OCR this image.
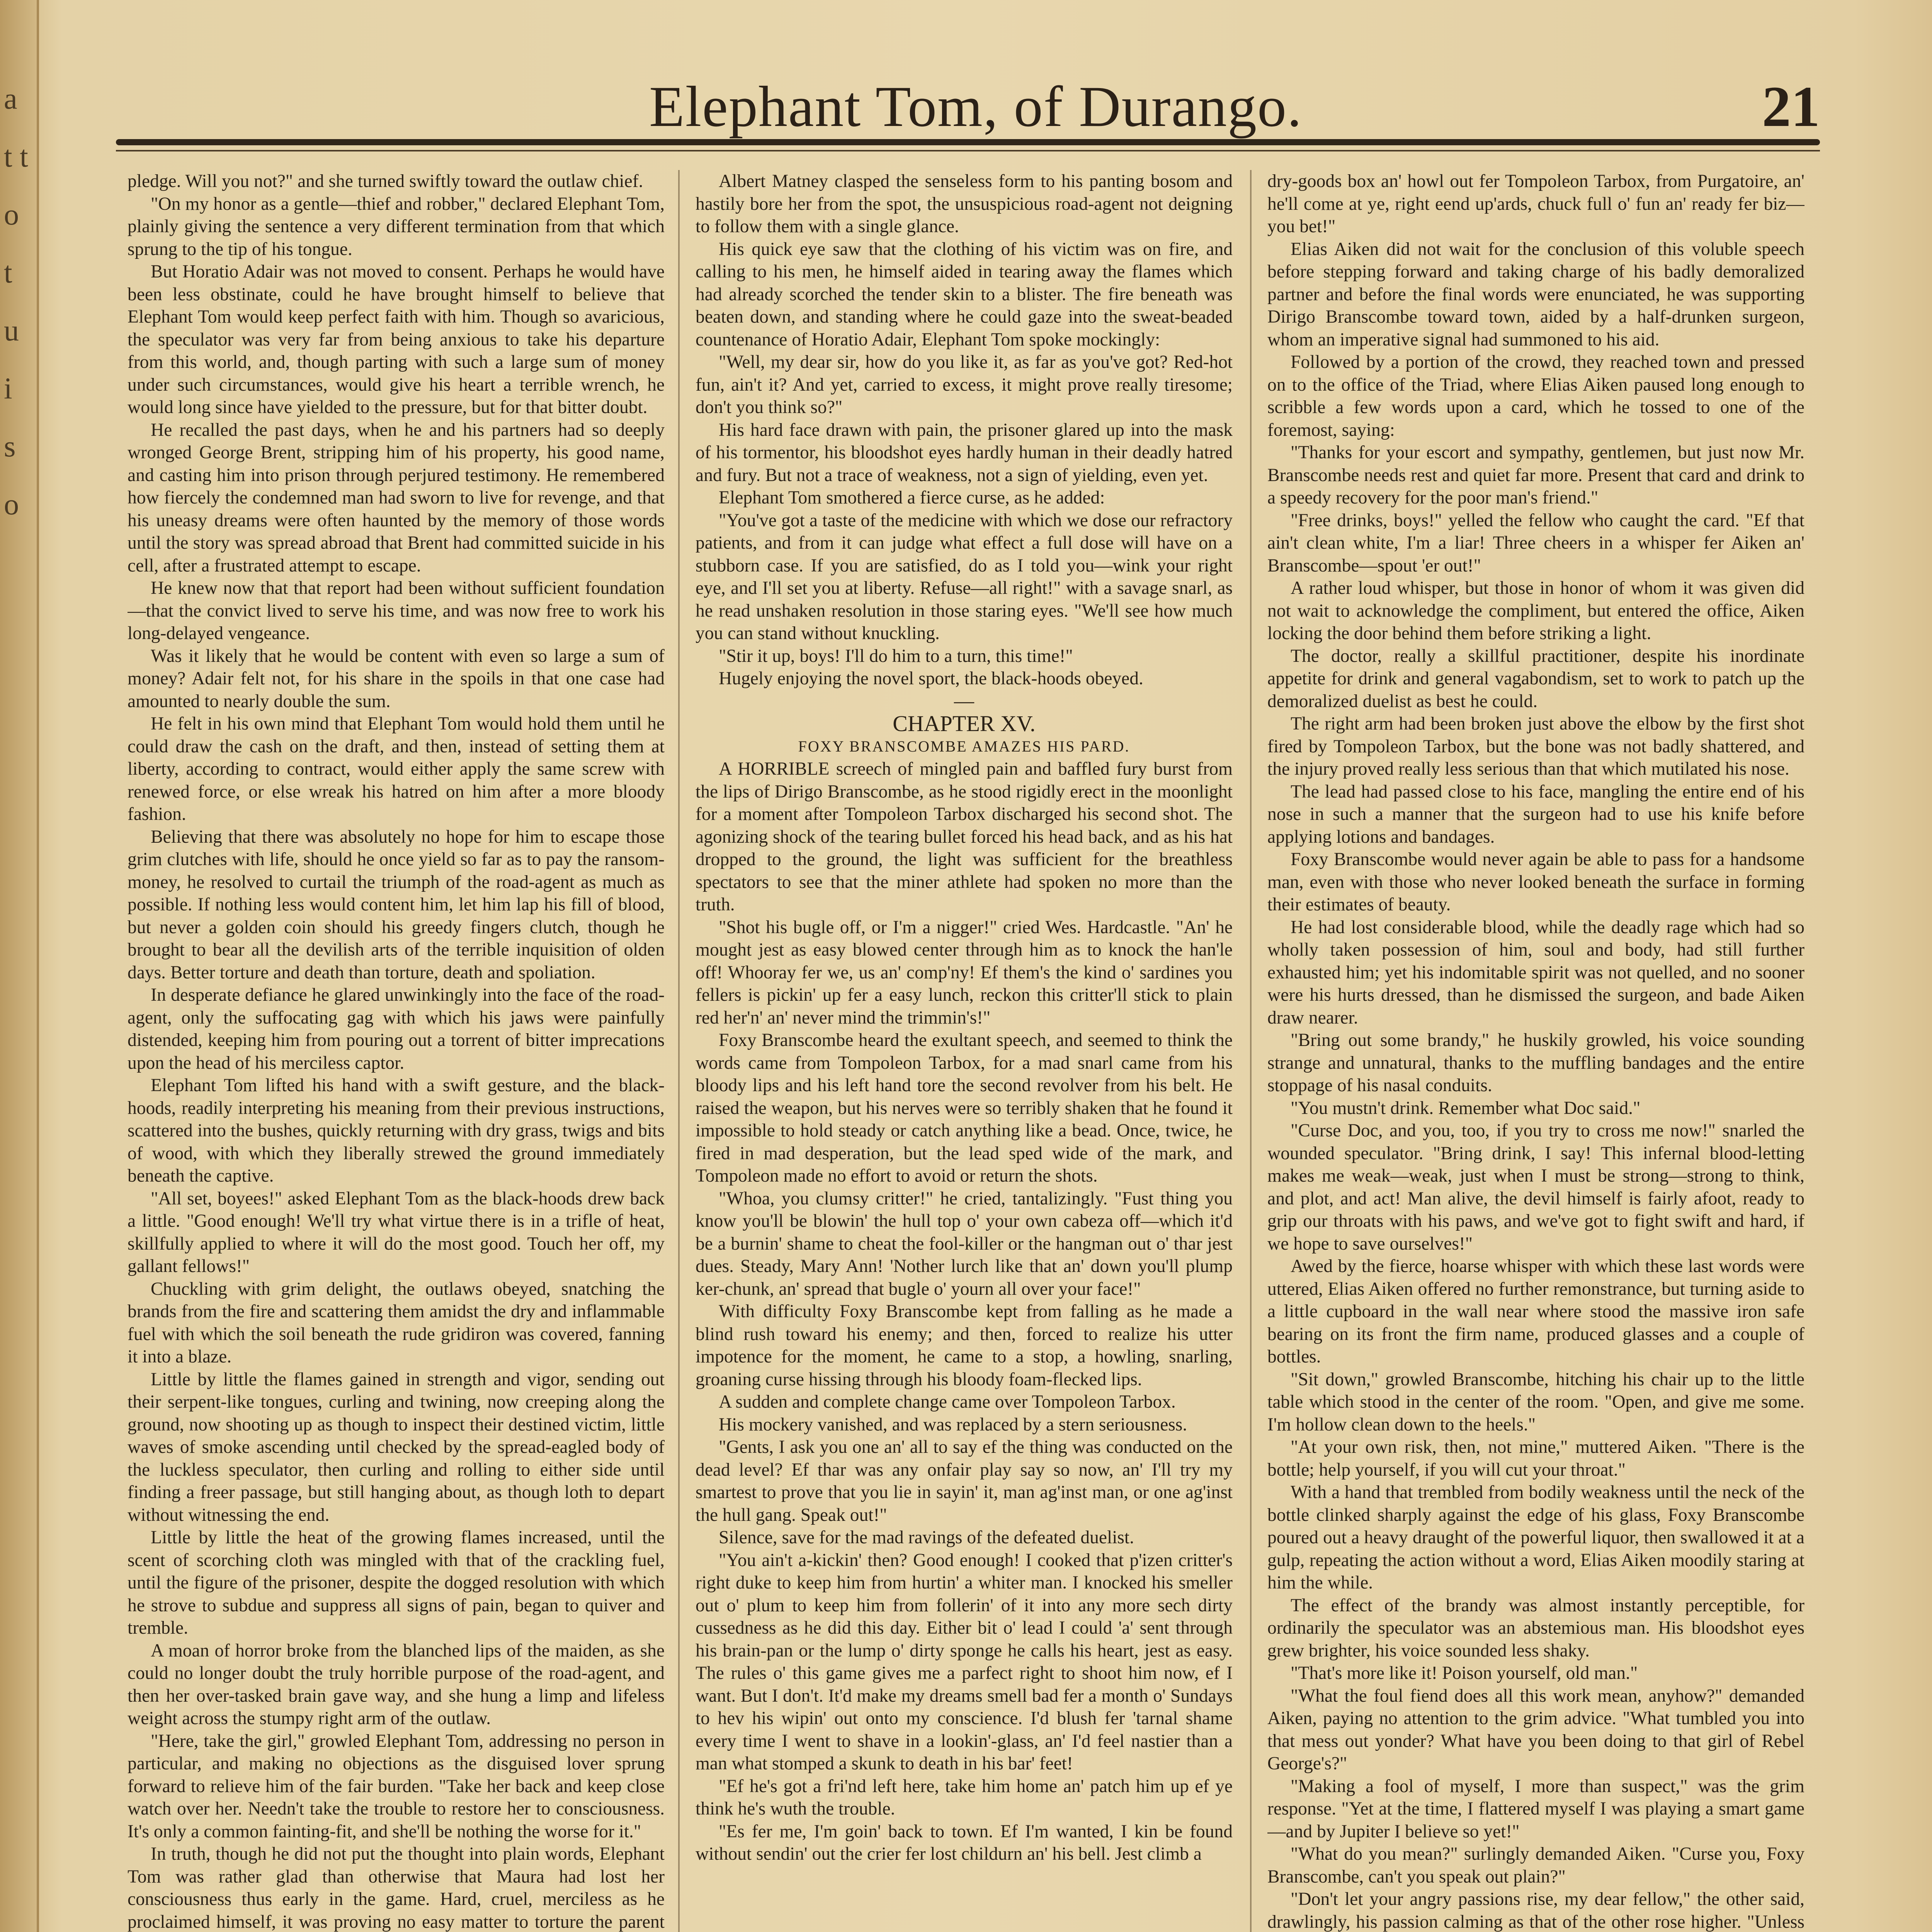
a t t o t u i s o
Elephant Tom, of Durango.	21

pledge. Will you not?" and she turned swiftly toward the outlaw chief.

"On my honor as a gentle—thief and robber," declared Elephant Tom, plainly giving the sentence a very different termination from that which sprung to the tip of his tongue.

But Horatio Adair was not moved to consent. Perhaps he would have been less obstinate, could he have brought himself to believe that Elephant Tom would keep perfect faith with him. Though so avaricious, the speculator was very far from being anxious to take his departure from this world, and, though parting with such a large sum of money under such circumstances, would give his heart a terrible wrench, he would long since have yielded to the pressure, but for that bitter doubt.

He recalled the past days, when he and his partners had so deeply wronged George Brent, stripping him of his property, his good name, and casting him into prison through perjured testimony. He remembered how fiercely the condemned man had sworn to live for revenge, and that his uneasy dreams were often haunted by the memory of those words until the story was spread abroad that Brent had committed suicide in his cell, after a frustrated attempt to escape.

He knew now that that report had been without sufficient foundation—that the convict lived to serve his time, and was now free to work his long-delayed vengeance.

Was it likely that he would be content with even so large a sum of money? Adair felt not, for his share in the spoils in that one case had amounted to nearly double the sum.

He felt in his own mind that Elephant Tom would hold them until he could draw the cash on the draft, and then, instead of setting them at liberty, according to contract, would either apply the same screw with renewed force, or else wreak his hatred on him after a more bloody fashion.

Believing that there was absolutely no hope for him to escape those grim clutches with life, should he once yield so far as to pay the ransom-money, he resolved to curtail the triumph of the road-agent as much as possible. If nothing less would content him, let him lap his fill of blood, but never a golden coin should his greedy fingers clutch, though he brought to bear all the devilish arts of the terrible inquisition of olden days. Better torture and death than torture, death and spoliation.

In desperate defiance he glared unwinkingly into the face of the road-agent, only the suffocating gag with which his jaws were painfully distended, keeping him from pouring out a torrent of bitter imprecations upon the head of his merciless captor.

Elephant Tom lifted his hand with a swift gesture, and the black-hoods, readily interpreting his meaning from their previous instructions, scattered into the bushes, quickly returning with dry grass, twigs and bits of wood, with which they liberally strewed the ground immediately beneath the captive.

"All set, boyees!" asked Elephant Tom as the black-hoods drew back a little. "Good enough! We'll try what virtue there is in a trifle of heat, skillfully applied to where it will do the most good. Touch her off, my gallant fellows!"

Chuckling with grim delight, the outlaws obeyed, snatching the brands from the fire and scattering them amidst the dry and inflammable fuel with which the soil beneath the rude gridiron was covered, fanning it into a blaze.

Little by little the flames gained in strength and vigor, sending out their serpent-like tongues, curling and twining, now creeping along the ground, now shooting up as though to inspect their destined victim, little waves of smoke ascending until checked by the spread-eagled body of the luckless speculator, then curling and rolling to either side until finding a freer passage, but still hanging about, as though loth to depart without witnessing the end.

Little by little the heat of the growing flames increased, until the scent of scorching cloth was mingled with that of the crackling fuel, until the figure of the prisoner, despite the dogged resolution with which he strove to subdue and suppress all signs of pain, began to quiver and tremble.

A moan of horror broke from the blanched lips of the maiden, as she could no longer doubt the truly horrible purpose of the road-agent, and then her over-tasked brain gave way, and she hung a limp and lifeless weight across the stumpy right arm of the outlaw.

"Here, take the girl," growled Elephant Tom, addressing no person in particular, and making no objections as the disguised lover sprung forward to relieve him of the fair burden. "Take her back and keep close watch over her. Needn't take the trouble to restore her to consciousness. It's only a common fainting-fit, and she'll be nothing the worse for it."

In truth, though he did not put the thought into plain words, Elephant Tom was rather glad than otherwise that Maura had lost her consciousness thus early in the game. Hard, cruel, merciless as he proclaimed himself, it was proving no easy matter to torture the parent

Albert Matney clasped the senseless form to his panting bosom and hastily bore her from the spot, the unsuspicious road-agent not deigning to follow them with a single glance.

His quick eye saw that the clothing of his victim was on fire, and calling to his men, he himself aided in tearing away the flames which had already scorched the tender skin to a blister. The fire beneath was beaten down, and standing where he could gaze into the sweat-beaded countenance of Horatio Adair, Elephant Tom spoke mockingly:

"Well, my dear sir, how do you like it, as far as you've got? Red-hot fun, ain't it? And yet, carried to excess, it might prove really tiresome; don't you think so?"

His hard face drawn with pain, the prisoner glared up into the mask of his tormentor, his bloodshot eyes hardly human in their deadly hatred and fury. But not a trace of weakness, not a sign of yielding, even yet.

Elephant Tom smothered a fierce curse, as he added:

"You've got a taste of the medicine with which we dose our refractory patients, and from it can judge what effect a full dose will have on a stubborn case. If you are satisfied, do as I told you—wink your right eye, and I'll set you at liberty. Refuse—all right!" with a savage snarl, as he read unshaken resolution in those staring eyes. "We'll see how much you can stand without knuckling.

"Stir it up, boys! I'll do him to a turn, this time!"

Hugely enjoying the novel sport, the black-hoods obeyed.

—

CHAPTER XV.

FOXY BRANSCOMBE AMAZES HIS PARD.

A HORRIBLE screech of mingled pain and baffled fury burst from the lips of Dirigo Branscombe, as he stood rigidly erect in the moonlight for a moment after Tompoleon Tarbox discharged his second shot. The agonizing shock of the tearing bullet forced his head back, and as his hat dropped to the ground, the light was sufficient for the breathless spectators to see that the miner athlete had spoken no more than the truth.

"Shot his bugle off, or I'm a nigger!" cried Wes. Hardcastle. "An' he mought jest as easy blowed center through him as to knock the han'le off! Whooray fer we, us an' comp'ny! Ef them's the kind o' sardines you fellers is pickin' up fer a easy lunch, reckon this critter'll stick to plain red her'n' an' never mind the trimmin's!"

Foxy Branscombe heard the exultant speech, and seemed to think the words came from Tompoleon Tarbox, for a mad snarl came from his bloody lips and his left hand tore the second revolver from his belt. He raised the weapon, but his nerves were so terribly shaken that he found it impossible to hold steady or catch anything like a bead. Once, twice, he fired in mad desperation, but the lead sped wide of the mark, and Tompoleon made no effort to avoid or return the shots.

"Whoa, you clumsy critter!" he cried, tantalizingly. "Fust thing you know you'll be blowin' the hull top o' your own cabeza off—which it'd be a burnin' shame to cheat the fool-killer or the hangman out o' thar jest dues. Steady, Mary Ann! 'Nother lurch like that an' down you'll plump ker-chunk, an' spread that bugle o' yourn all over your face!"

With difficulty Foxy Branscombe kept from falling as he made a blind rush toward his enemy; and then, forced to realize his utter impotence for the moment, he came to a stop, a howling, snarling, groaning curse hissing through his bloody foam-flecked lips.

A sudden and complete change came over Tompoleon Tarbox.

His mockery vanished, and was replaced by a stern seriousness.

"Gents, I ask you one an' all to say ef the thing was conducted on the dead level? Ef thar was any onfair play say so now, an' I'll try my smartest to prove that you lie in sayin' it, man ag'inst man, or one ag'inst the hull gang. Speak out!"

Silence, save for the mad ravings of the defeated duelist.

"You ain't a-kickin' then? Good enough! I cooked that p'izen critter's right duke to keep him from hurtin' a whiter man. I knocked his smeller out o' plum to keep him from follerin' of it into any more sech dirty cussedness as he did this day. Either bit o' lead I could 'a' sent through his brain-pan or the lump o' dirty sponge he calls his heart, jest as easy. The rules o' this game gives me a parfect right to shoot him now, ef I want. But I don't. It'd make my dreams smell bad fer a month o' Sundays to hev his wipin' out onto my conscience. I'd blush fer 'tarnal shame every time I went to shave in a lookin'-glass, an' I'd feel nastier than a man what stomped a skunk to death in his bar' feet!

"Ef he's got a fri'nd left here, take him home an' patch him up ef ye think he's wuth the trouble.

"Es fer me, I'm goin' back to town. Ef I'm wanted, I kin be found without sendin' out the crier fer lost childurn an' his bell. Jest climb a

dry-goods box an' howl out fer Tompoleon Tarbox, from Purgatoire, an' he'll come at ye, right eend up'ards, chuck full o' fun an' ready fer biz—you bet!"

Elias Aiken did not wait for the conclusion of this voluble speech before stepping forward and taking charge of his badly demoralized partner and before the final words were enunciated, he was supporting Dirigo Branscombe toward town, aided by a half-drunken surgeon, whom an imperative signal had summoned to his aid.

Followed by a portion of the crowd, they reached town and pressed on to the office of the Triad, where Elias Aiken paused long enough to scribble a few words upon a card, which he tossed to one of the foremost, saying:

"Thanks for your escort and sympathy, gentlemen, but just now Mr. Branscombe needs rest and quiet far more. Present that card and drink to a speedy recovery for the poor man's friend."

"Free drinks, boys!" yelled the fellow who caught the card. "Ef that ain't clean white, I'm a liar! Three cheers in a whisper fer Aiken an' Branscombe—spout 'er out!"

A rather loud whisper, but those in honor of whom it was given did not wait to acknowledge the compliment, but entered the office, Aiken locking the door behind them before striking a light.

The doctor, really a skillful practitioner, despite his inordinate appetite for drink and general vagabondism, set to work to patch up the demoralized duelist as best he could.

The right arm had been broken just above the elbow by the first shot fired by Tompoleon Tarbox, but the bone was not badly shattered, and the injury proved really less serious than that which mutilated his nose.

The lead had passed close to his face, mangling the entire end of his nose in such a manner that the surgeon had to use his knife before applying lotions and bandages.

Foxy Branscombe would never again be able to pass for a handsome man, even with those who never looked beneath the surface in forming their estimates of beauty.

He had lost considerable blood, while the deadly rage which had so wholly taken possession of him, soul and body, had still further exhausted him; yet his indomitable spirit was not quelled, and no sooner were his hurts dressed, than he dismissed the surgeon, and bade Aiken draw nearer.

"Bring out some brandy," he huskily growled, his voice sounding strange and unnatural, thanks to the muffling bandages and the entire stoppage of his nasal conduits.

"You mustn't drink. Remember what Doc said."

"Curse Doc, and you, too, if you try to cross me now!" snarled the wounded speculator. "Bring drink, I say! This infernal blood-letting makes me weak—weak, just when I must be strong—strong to think, and plot, and act! Man alive, the devil himself is fairly afoot, ready to grip our throats with his paws, and we've got to fight swift and hard, if we hope to save ourselves!"

Awed by the fierce, hoarse whisper with which these last words were uttered, Elias Aiken offered no further remonstrance, but turning aside to a little cupboard in the wall near where stood the massive iron safe bearing on its front the firm name, produced glasses and a couple of bottles.

"Sit down," growled Branscombe, hitching his chair up to the little table which stood in the center of the room. "Open, and give me some. I'm hollow clean down to the heels."

"At your own risk, then, not mine," muttered Aiken. "There is the bottle; help yourself, if you will cut your throat."

With a hand that trembled from bodily weakness until the neck of the bottle clinked sharply against the edge of his glass, Foxy Branscombe poured out a heavy draught of the powerful liquor, then swallowed it at a gulp, repeating the action without a word, Elias Aiken moodily staring at him the while.

The effect of the brandy was almost instantly perceptible, for ordinarily the speculator was an abstemious man. His bloodshot eyes grew brighter, his voice sounded less shaky.

"That's more like it! Poison yourself, old man."

"What the foul fiend does all this work mean, anyhow?" demanded Aiken, paying no attention to the grim advice. "What tumbled you into that mess out yonder? What have you been doing to that girl of Rebel George's?"

"Making a fool of myself, I more than suspect," was the grim response. "Yet at the time, I flattered myself I was playing a smart game—and by Jupiter I believe so yet!"

"What do you mean?" surlingly demanded Aiken. "Curse you, Foxy Branscombe, can't you speak out plain?"

"Don't let your angry passions rise, my dear fellow," the other said, drawlingly, his passion calming as that of the other rose higher. "Unless
